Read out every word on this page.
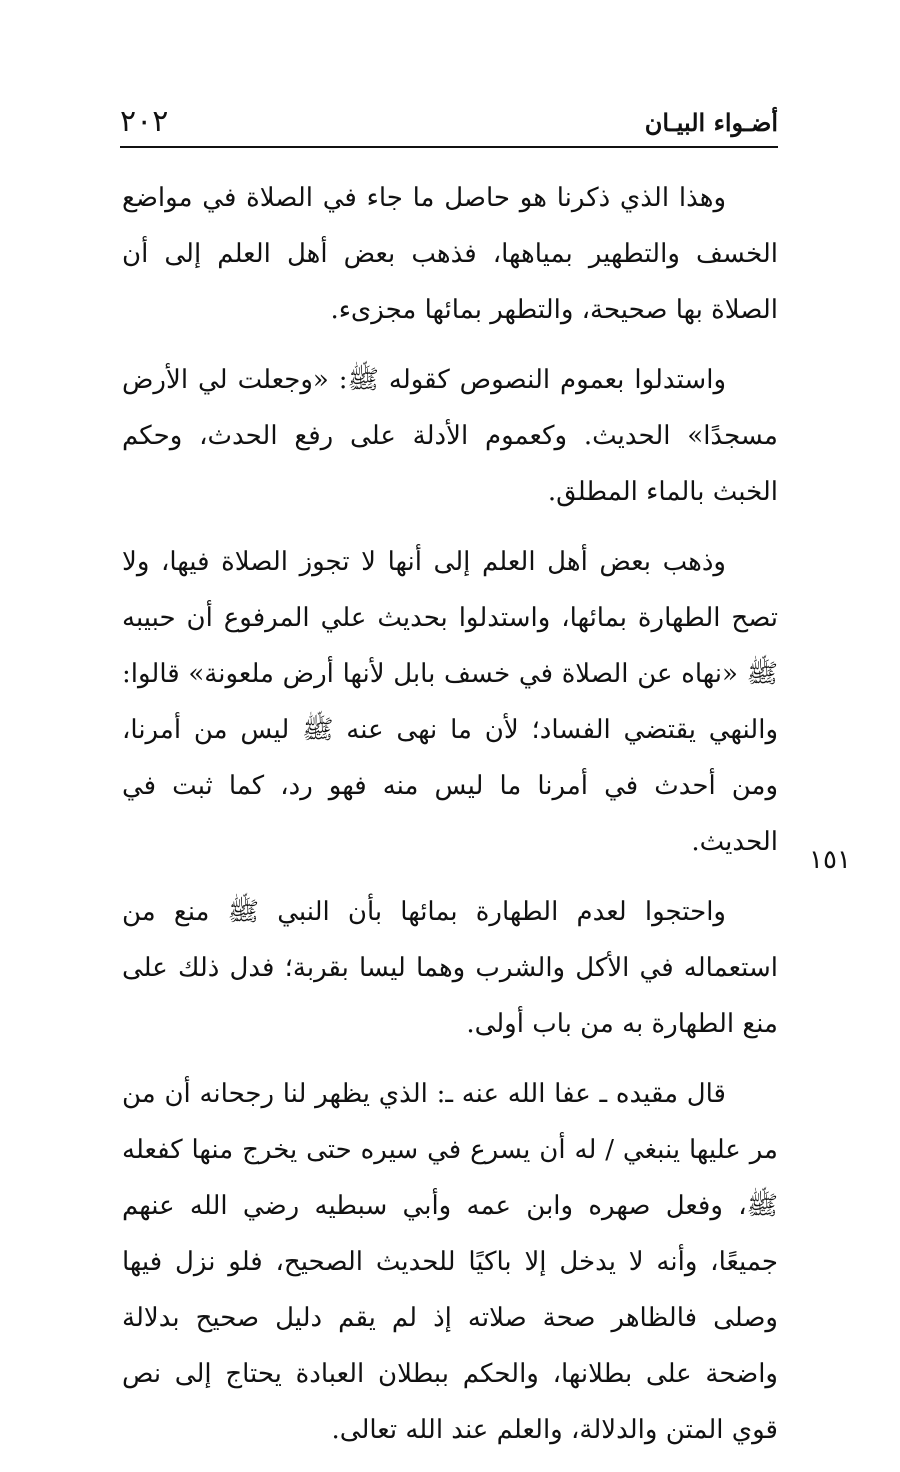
٢٠٢	أضـواء البيـان
١٥١

وهذا الذي ذكرنا هو حاصل ما جاء في الصلاة في مواضع الخسف والتطهير بمياهها، فذهب بعض أهل العلم إلى أن الصلاة بها صحيحة، والتطهر بمائها مجزىء.

واستدلوا بعموم النصوص كقوله ﷺ: «وجعلت لي الأرض مسجدًا» الحديث. وكعموم الأدلة على رفع الحدث، وحكم الخبث بالماء المطلق.

وذهب بعض أهل العلم إلى أنها لا تجوز الصلاة فيها، ولا تصح الطهارة بمائها، واستدلوا بحديث علي المرفوع أن حبيبه ﷺ «نهاه عن الصلاة في خسف بابل لأنها أرض ملعونة» قالوا: والنهي يقتضي الفساد؛ لأن ما نهى عنه ﷺ ليس من أمرنا، ومن أحدث في أمرنا ما ليس منه فهو رد، كما ثبت في الحديث.

واحتجوا لعدم الطهارة بمائها بأن النبي ﷺ منع من استعماله في الأكل والشرب وهما ليسا بقربة؛ فدل ذلك على منع الطهارة به من باب أولى.

قال مقيده ـ عفا الله عنه ـ: الذي يظهر لنا رجحانه أن من مر عليها ينبغي / له أن يسرع في سيره حتى يخرج منها كفعله ﷺ، وفعل صهره وابن عمه وأبي سبطيه رضي الله عنهم جميعًا، وأنه لا يدخل إلا باكيًا للحديث الصحيح، فلو نزل فيها وصلى فالظاهر صحة صلاته إذ لم يقم دليل صحيح بدلالة واضحة على بطلانها، والحكم ببطلان العبادة يحتاج إلى نص قوي المتن والدلالة، والعلم عند الله تعالى.
